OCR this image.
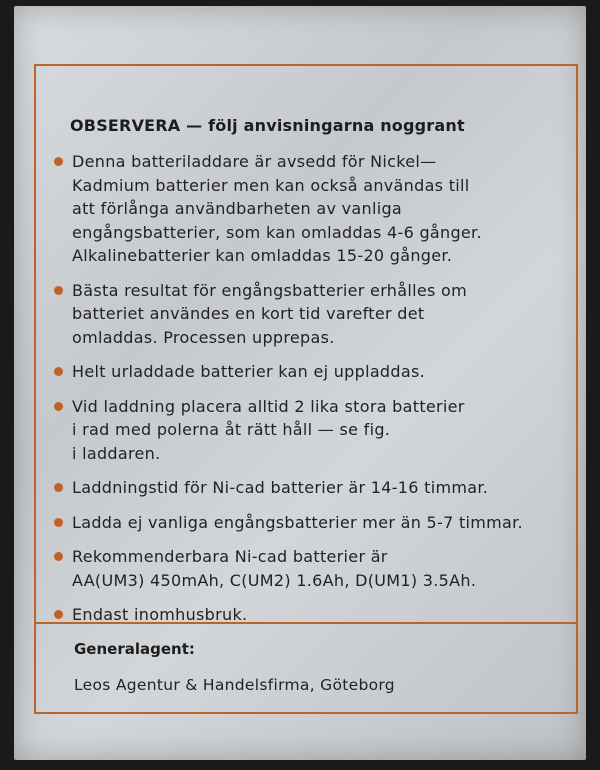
OBSERVERA — följ anvisningarna noggrant
Denna batteriladdare är avsedd för Nickel—
Kadmium batterier men kan också användas till
att förlånga användbarheten av vanliga
engångsbatterier, som kan omladdas 4-6 gånger.
Alkalinebatterier kan omladdas 15-20 gånger.
Bästa resultat för engångsbatterier erhålles om
batteriet användes en kort tid varefter det
omladdas. Processen upprepas.
Helt urladdade batterier kan ej uppladdas.
Vid laddning placera alltid 2 lika stora batterier
i rad med polerna åt rätt håll — se fig.
i laddaren.
Laddningstid för Ni-cad batterier är 14-16 timmar.
Ladda ej vanliga engångsbatterier mer än 5-7 timmar.
Rekommenderbara Ni-cad batterier är
AA(UM3) 450mAh, C(UM2) 1.6Ah, D(UM1) 3.5Ah.
Endast inomhusbruk.
Generalagent:
Leos Agentur & Handelsfirma, Göteborg
